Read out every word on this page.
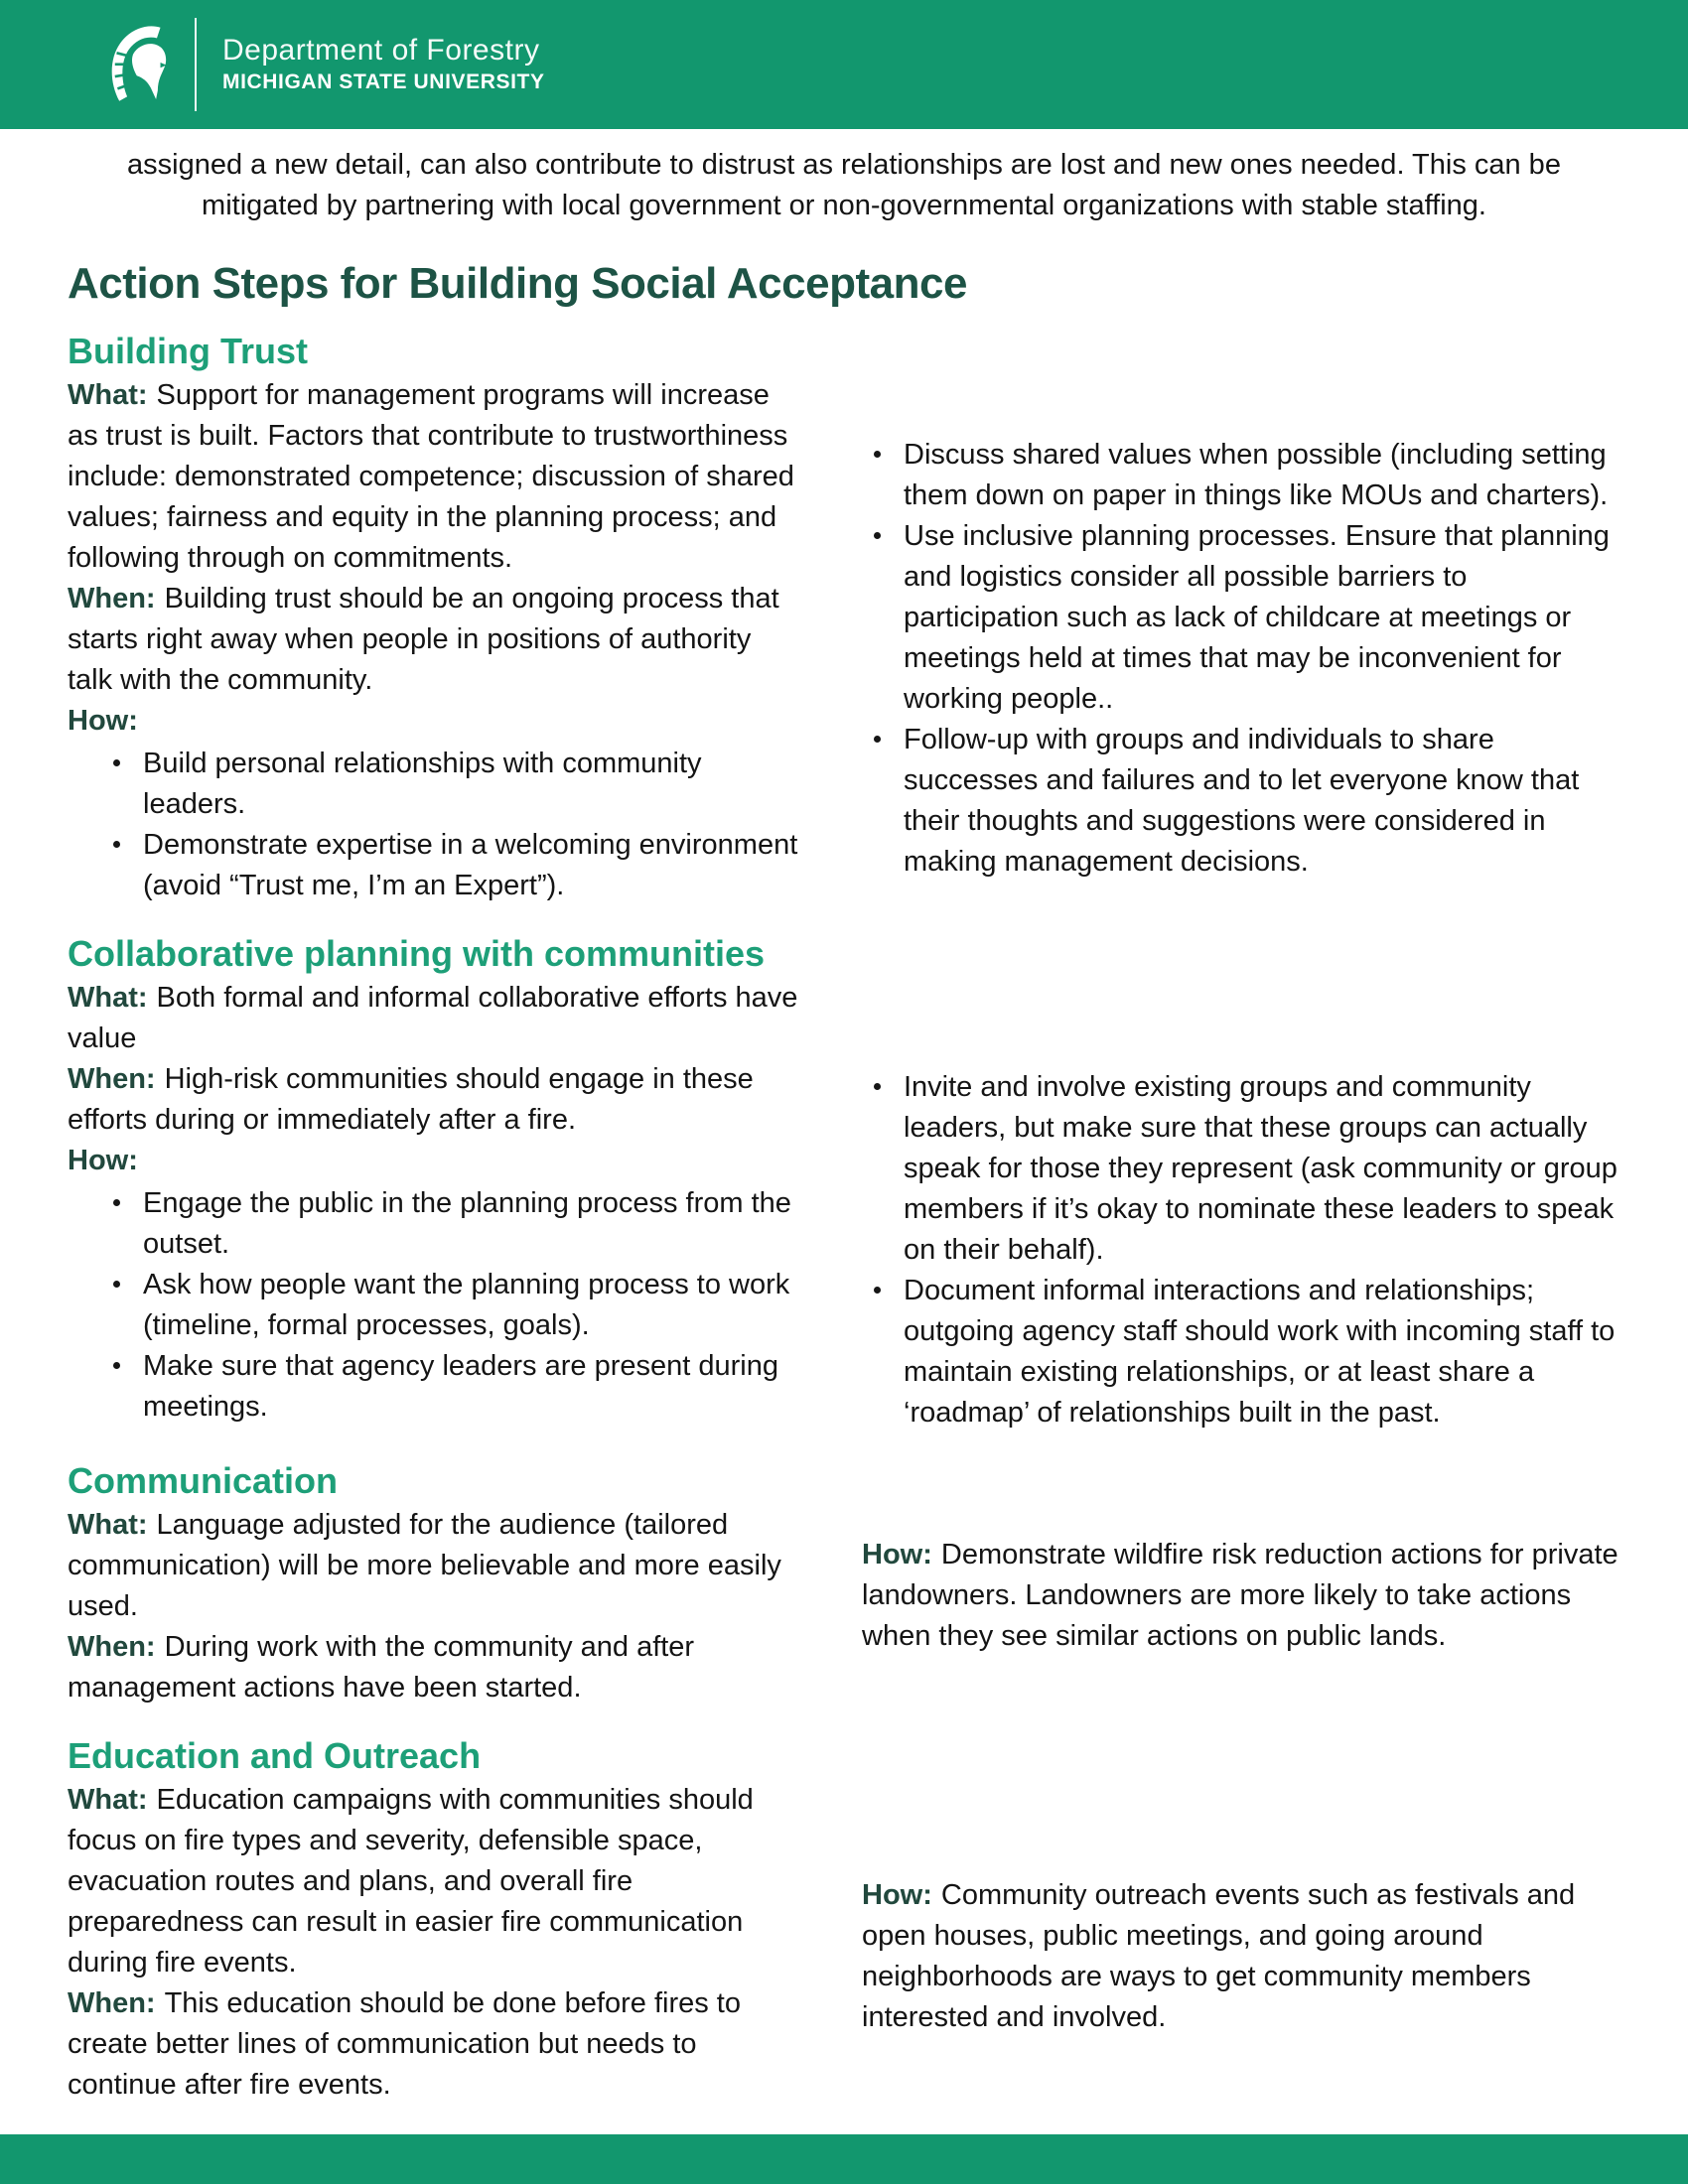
Department of Forestry
MICHIGAN STATE UNIVERSITY

assigned a new detail, can also contribute to distrust as relationships are lost and new ones needed. This can be mitigated by partnering with local government or non-governmental organizations with stable staffing.

Action Steps for Building Social Acceptance
Building Trust

What: Support for management programs will increase as trust is built. Factors that contribute to trustworthiness include: demonstrated competence; discussion of shared values; fairness and equity in the planning process; and following through on commitments.

When: Building trust should be an ongoing process that starts right away when people in positions of authority talk with the community.

How:

Build personal relationships with community leaders.
Demonstrate expertise in a welcoming environment (avoid “Trust me, I’m an Expert”).
Discuss shared values when possible (including setting them down on paper in things like MOUs and charters).
Use inclusive planning processes. Ensure that planning and logistics consider all possible barriers to participation such as lack of childcare at meetings or meetings held at times that may be inconvenient for working people..
Follow-up with groups and individuals to share successes and failures and to let everyone know that their thoughts and suggestions were considered in making management decisions.
Collaborative planning with communities

What: Both formal and informal collaborative efforts have value

When: High-risk communities should engage in these efforts during or immediately after a fire.

How:

Engage the public in the planning process from the outset.
Ask how people want the planning process to work (timeline, formal processes, goals).
Make sure that agency leaders are present during meetings.
Invite and involve existing groups and community leaders, but make sure that these groups can actually speak for those they represent (ask community or group members if it’s okay to nominate these leaders to speak on their behalf).
Document informal interactions and relationships; outgoing agency staff should work with incoming staff to maintain existing relationships, or at least share a ‘roadmap’ of relationships built in the past.
Communication

What: Language adjusted for the audience (tailored communication) will be more believable and more easily used.

When: During work with the community and after management actions have been started.

How: Demonstrate wildfire risk reduction actions for private landowners. Landowners are more likely to take actions when they see similar actions on public lands.

Education and Outreach

What: Education campaigns with communities should focus on fire types and severity, defensible space, evacuation routes and plans, and overall fire preparedness can result in easier fire communication during fire events.

When: This education should be done before fires to create better lines of communication but needs to continue after fire events.

How: Community outreach events such as festivals and open houses, public meetings, and going around neighborhoods are ways to get community members interested and involved.
